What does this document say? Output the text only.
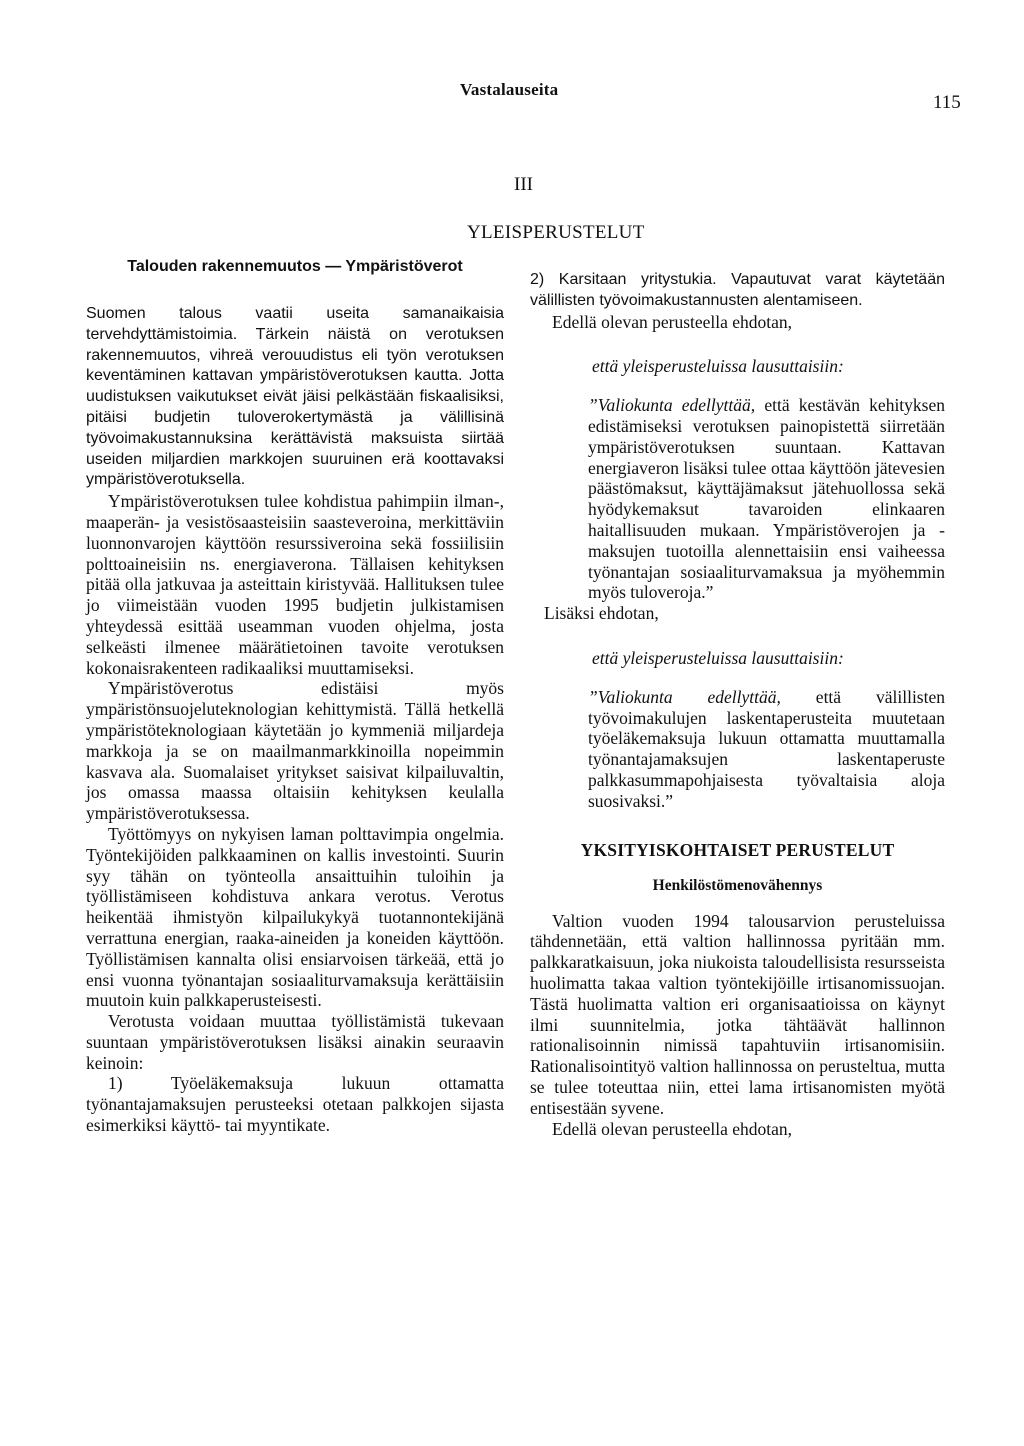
Vastalauseita
115
III
YLEISPERUSTELUT
Talouden rakennemuutos — Ympäristöverot

Suomen talous vaatii useita samanaikaisia tervehdyttämistoimia. Tärkein näistä on verotuksen rakennemuutos, vihreä verouudistus eli työn verotuksen keventäminen kattavan ympäristöverotuksen kautta. Jotta uudistuksen vaikutukset eivät jäisi pelkästään fiskaalisiksi, pitäisi budjetin tuloverokertymästä ja välillisinä työvoimakustannuksina kerättävistä maksuista siirtää useiden miljardien markkojen suuruinen erä koottavaksi ympäristöverotuksella.

Ympäristöverotuksen tulee kohdistua pahimpiin ilman-, maaperän- ja vesistösaasteisiin saasteveroina, merkittäviin luonnonvarojen käyttöön resurssiveroina sekä fossiilisiin polttoaineisiin ns. energiaverona. Tällaisen kehityksen pitää olla jatkuvaa ja asteittain kiristyvää. Hallituksen tulee jo viimeistään vuoden 1995 budjetin julkistamisen yhteydessä esittää useamman vuoden ohjelma, josta selkeästi ilmenee määrätietoinen tavoite verotuksen kokonaisrakenteen radikaaliksi muuttamiseksi.

Ympäristöverotus edistäisi myös ympäristönsuojeluteknologian kehittymistä. Tällä hetkellä ympäristöteknologiaan käytetään jo kymmeniä miljardeja markkoja ja se on maailmanmarkkinoilla nopeimmin kasvava ala. Suomalaiset yritykset saisivat kilpailuvaltin, jos omassa maassa oltaisiin kehityksen keulalla ympäristöverotuksessa.

Työttömyys on nykyisen laman polttavimpia ongelmia. Työntekijöiden palkkaaminen on kallis investointi. Suurin syy tähän on työnteolla ansaittuihin tuloihin ja työllistämiseen kohdistuva ankara verotus. Verotus heikentää ihmistyön kilpailukykyä tuotannontekijänä verrattuna energian, raaka-aineiden ja koneiden käyttöön. Työllistämisen kannalta olisi ensiarvoisen tärkeää, että jo ensi vuonna työnantajan sosiaaliturvamaksuja kerättäisiin muutoin kuin palkkaperusteisesti.

Verotusta voidaan muuttaa työllistämistä tukevaan suuntaan ympäristöverotuksen lisäksi ainakin seuraavin keinoin:

1) Työeläkemaksuja lukuun ottamatta työnantajamaksujen perusteeksi otetaan palkkojen sijasta esimerkiksi käyttö- tai myyntikate.

2) Karsitaan yritystukia. Vapautuvat varat käytetään välillisten työvoimakustannusten alentamiseen.

Edellä olevan perusteella ehdotan,

että yleisperusteluissa lausuttaisiin:

”Valiokunta edellyttää, että kestävän kehityksen edistämiseksi verotuksen painopistettä siirretään ympäristöverotuksen suuntaan. Kattavan energiaveron lisäksi tulee ottaa käyttöön jätevesien päästömaksut, käyttäjämaksut jätehuollossa sekä hyödykemaksut tavaroiden elinkaaren haitallisuuden mukaan. Ympäristöverojen ja -maksujen tuotoilla alennettaisiin ensi vaiheessa työnantajan sosiaaliturvamaksua ja myöhemmin myös tuloveroja.”

Lisäksi ehdotan,

että yleisperusteluissa lausuttaisiin:

”Valiokunta edellyttää, että välillisten työvoimakulujen laskentaperusteita muutetaan työeläkemaksuja lukuun ottamatta muuttamalla työnantajamaksujen laskentaperuste palkkasummapohjaisesta työvaltaisia aloja suosivaksi.”

YKSITYISKOHTAISET PERUSTELUT
Henkilöstömenovähennys

Valtion vuoden 1994 talousarvion perusteluissa tähdennetään, että valtion hallinnossa pyritään mm. palkkaratkaisuun, joka niukoista taloudellisista resursseista huolimatta takaa valtion työntekijöille irtisanomissuojan. Tästä huolimatta valtion eri organisaatioissa on käynyt ilmi suunnitelmia, jotka tähtäävät hallinnon rationalisoinnin nimissä tapahtuviin irtisanomisiin. Rationalisointityö valtion hallinnossa on perusteltua, mutta se tulee toteuttaa niin, ettei lama irtisanomisten myötä entisestään syvene.

Edellä olevan perusteella ehdotan,
